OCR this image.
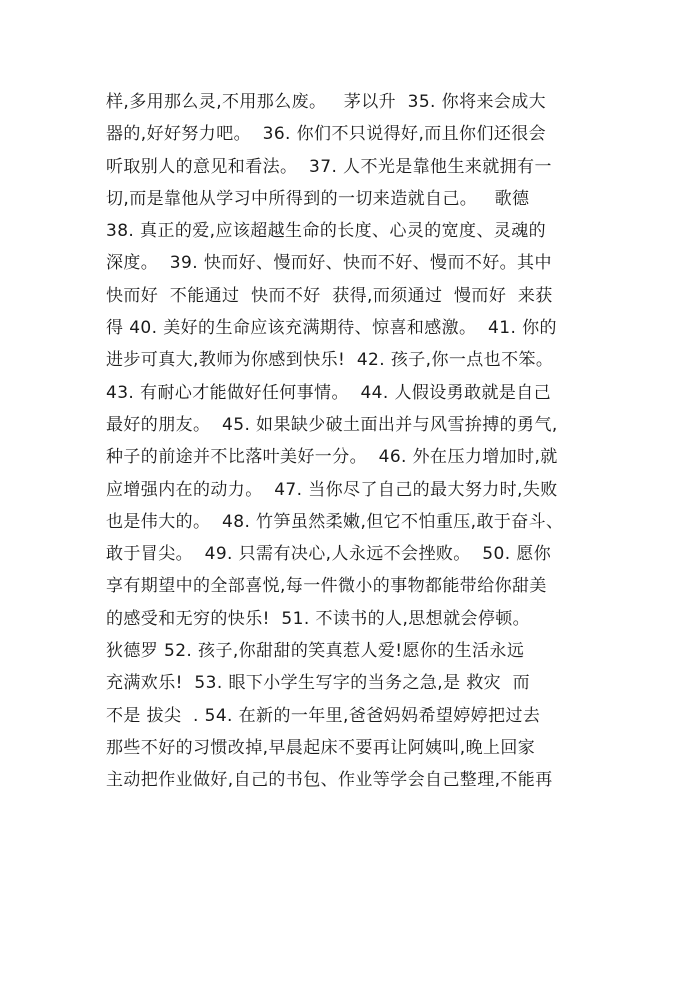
样,多用那么灵,不用那么废。   茅以升  35. 你将来会成大
器的,好好努力吧。  36. 你们不只说得好,而且你们还很会
听取别人的意见和看法。  37. 人不光是靠他生来就拥有一
切,而是靠他从学习中所得到的一切来造就自己。   歌德
38. 真正的爱,应该超越生命的长度、心灵的宽度、灵魂的
深度。  39. 快而好、慢而好、快而不好、慢而不好。其中
快而好  不能通过  快而不好  获得,而须通过  慢而好  来获
得 40. 美好的生命应该充满期待、惊喜和感激。  41. 你的
进步可真大,教师为你感到快乐!  42. 孩子,你一点也不笨。
43. 有耐心才能做好任何事情。  44. 人假设勇敢就是自己
最好的朋友。  45. 如果缺少破土面出并与风雪拚搏的勇气,
种子的前途并不比落叶美好一分。  46. 外在压力增加时,就
应增强内在的动力。  47. 当你尽了自己的最大努力时,失败
也是伟大的。  48. 竹笋虽然柔嫩,但它不怕重压,敢于奋斗、
敢于冒尖。  49. 只需有决心,人永远不会挫败。  50. 愿你
享有期望中的全部喜悦,每一件微小的事物都能带给你甜美
的感受和无穷的快乐!  51. 不读书的人,思想就会停顿。
狄德罗 52. 孩子,你甜甜的笑真惹人爱!愿你的生活永远
充满欢乐!  53. 眼下小学生写字的当务之急,是 救灾  而
不是 拔尖  . 54. 在新的一年里,爸爸妈妈希望婷婷把过去
那些不好的习惯改掉,早晨起床不要再让阿姨叫,晚上回家
主动把作业做好,自己的书包、作业等学会自己整理,不能再
